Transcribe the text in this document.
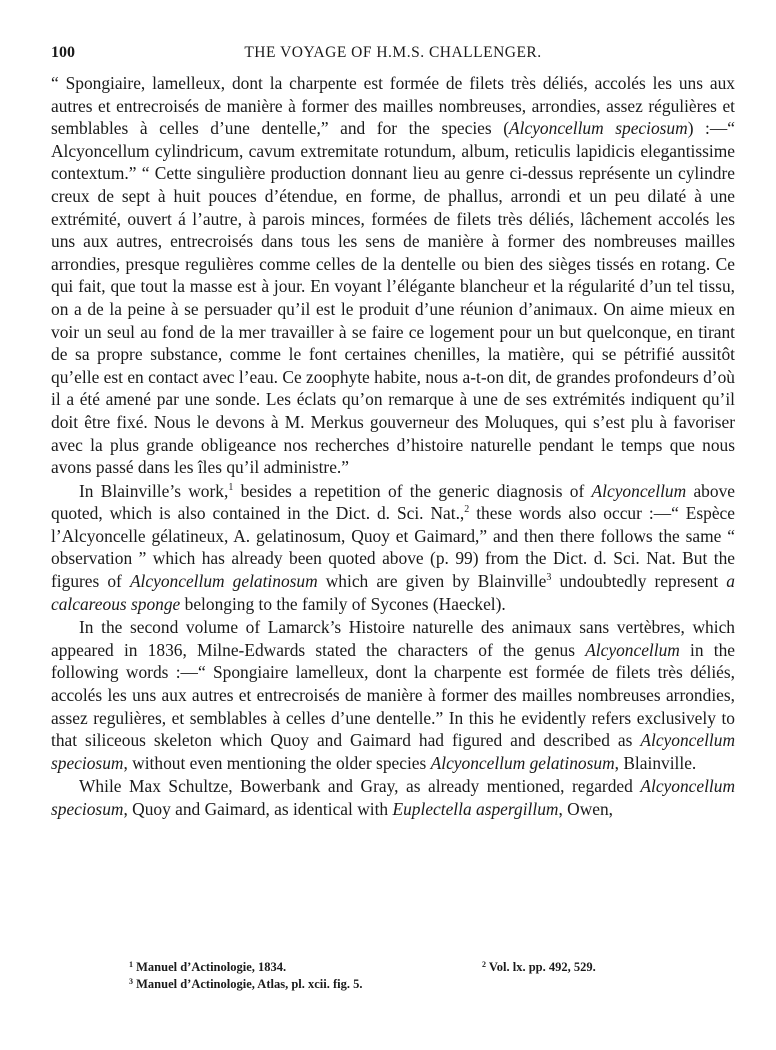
100	THE VOYAGE OF H.M.S. CHALLENGER.

“ Spongiaire, lamelleux, dont la charpente est formée de filets très déliés, accolés les uns aux autres et entrecroisés de manière à former des mailles nombreuses, arrondies, assez régulières et semblables à celles d’une dentelle,” and for the species (Alcyoncellum speciosum) :—“ Alcyoncellum cylindricum, cavum extremitate rotundum, album, reticulis lapidicis elegantissime contextum.” “ Cette singulière production donnant lieu au genre ci-dessus représente un cylindre creux de sept à huit pouces d’étendue, en forme, de phallus, arrondi et un peu dilaté à une extrémité, ouvert á l’autre, à parois minces, formées de filets très déliés, lâchement accolés les uns aux autres, entrecroisés dans tous les sens de manière à former des nombreuses mailles arrondies, presque regulières comme celles de la dentelle ou bien des sièges tissés en rotang. Ce qui fait, que tout la masse est à jour. En voyant l’élégante blancheur et la régularité d’un tel tissu, on a de la peine à se persuader qu’il est le produit d’une réunion d’animaux. On aime mieux en voir un seul au fond de la mer travailler à se faire ce logement pour un but quelconque, en tirant de sa propre substance, comme le font certaines chenilles, la matière, qui se pétrifié aussitôt qu’elle est en contact avec l’eau. Ce zoophyte habite, nous a-t-on dit, de grandes profondeurs d’où il a été amené par une sonde. Les éclats qu’on remarque à une de ses extrémités indiquent qu’il doit être fixé. Nous le devons à M. Merkus gouverneur des Moluques, qui s’est plu à favoriser avec la plus grande obligeance nos recherches d’histoire naturelle pendant le temps que nous avons passé dans les îles qu’il administre.”

In Blainville’s work,$^1$ besides a repetition of the generic diagnosis of Alcyoncellum above quoted, which is also contained in the Dict. d. Sci. Nat.,$^2$ these words also occur :—“ Espèce l’Alcyoncelle gélatineux, A. gelatinosum, Quoy et Gaimard,” and then there follows the same “ observation ” which has already been quoted above (p. 99) from the Dict. d. Sci. Nat. But the figures of Alcyoncellum gelatinosum which are given by Blainville$^3$ undoubtedly represent a calcareous sponge belonging to the family of Sycones (Haeckel).

In the second volume of Lamarck’s Histoire naturelle des animaux sans vertèbres, which appeared in 1836, Milne-Edwards stated the characters of the genus Alcyoncellum in the following words :—“ Spongiaire lamelleux, dont la charpente est formée de filets très déliés, accolés les uns aux autres et entrecroisés de manière à former des mailles nombreuses arrondies, assez regulières, et semblables à celles d’une dentelle.” In this he evidently refers exclusively to that siliceous skeleton which Quoy and Gaimard had figured and described as Alcyoncellum speciosum, without even mentioning the older species Alcyoncellum gelatinosum, Blainville.

While Max Schultze, Bowerbank and Gray, as already mentioned, regarded Alcyoncellum speciosum, Quoy and Gaimard, as identical with Euplectella aspergillum, Owen,

$^1$ Manuel d’Actinologie, 1834.	$^2$ Vol. lx. pp. 492, 529.
$^3$ Manuel d’Actinologie, Atlas, pl. xcii. fig. 5.
